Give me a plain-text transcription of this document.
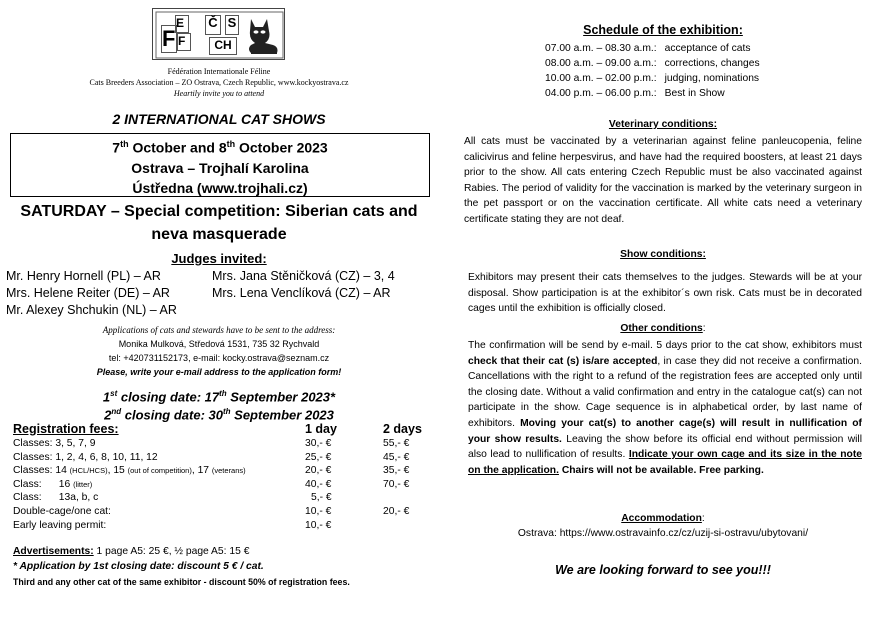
F
E
F
Č S
CH
Fédération Internationale Féline
Cats Breeders Association – ZO Ostrava, Czech Republic, www.kockyostrava.cz
Heartily invite you to attend
2 INTERNATIONAL CAT SHOWS
7th October and 8th October 2023
Ostrava – Trojhalí Karolina
Ústředna (www.trojhali.cz)
SATURDAY – Special competition: Siberian cats and neva masquerade
Judges invited:
Mr. Henry Hornell (PL) – AR
Mrs. Helene Reiter (DE) – AR
Mr. Alexey Shchukin (NL) – AR
Mrs. Jana Stěničková (CZ) – 3, 4
Mrs. Lena Venclíková (CZ) – AR
Applications of cats and stewards have to be sent to the address:
Monika Mulková, Středová 1531, 735 32 Rychvald
tel: +420731152173, e-mail: kocky.ostrava@seznam.cz
Please, write your e-mail address to the application form!
1st closing date: 17th September 2023*
2nd closing date: 30th September 2023
Registration fees:	1 day	2 days
Classes: 3, 5, 7, 9	30,- €	55,- €
Classes: 1, 2, 4, 6, 8, 10, 11, 12	25,- €	45,- €
Classes: 14 (HCL/HCS), 15 (out of competition), 17 (veterans)	20,- €	35,- €
Class:      16 (litter)	40,- €	70,- €
Class:      13a, b, c	5,- €	
Double-cage/one cat:	10,- €	20,- €
Early leaving permit:	10,- €	
Advertisements: 1 page A5: 25 €, ½ page A5: 15 €
* Application by 1st closing date: discount 5 € / cat.
Third and any other cat of the same exhibitor - discount 50% of registration fees.
Schedule of the exhibition:
07.00 a.m. – 08.30 a.m.:	acceptance of cats
08.00 a.m. – 09.00 a.m.:	corrections, changes
10.00 a.m. – 02.00 p.m.:	judging, nominations
04.00 p.m. – 06.00 p.m.:	Best in Show
Veterinary conditions:
All cats must be vaccinated by a veterinarian against feline panleucopenia, feline calicivirus and feline herpesvirus, and have had the required boosters, at least 21 days prior to the show. All cats entering Czech Republic must be also vaccinated against Rabies. The period of validity for the vaccination is marked by the veterinary surgeon in the pet passport or on the vaccination certificate. All white cats need a veterinary certificate stating they are not deaf.
Show conditions:
Exhibitors may present their cats themselves to the judges. Stewards will be at your disposal. Show participation is at the exhibitor´s own risk. Cats must be in decorated cages until the exhibition is officially closed.
Other conditions:
The confirmation will be send by e-mail. 5 days prior to the cat show, exhibitors must check that their cat (s) is/are accepted, in case they did not receive a confirmation. Cancellations with the right to a refund of the registration fees are accepted only until the closing date. Without a valid confirmation and entry in the catalogue cat(s) can not participate in the show. Cage sequence is in alphabetical order, by last name of exhibitors. Moving your cat(s) to another cage(s) will result in nullification of your show results. Leaving the show before its official end without permission will also lead to nullification of results. Indicate your own cage and its size in the note on the application. Chairs will not be available. Free parking.
Accommodation:
Ostrava: https://www.ostravainfo.cz/cz/uzij-si-ostravu/ubytovani/
We are looking forward to see you!!!
